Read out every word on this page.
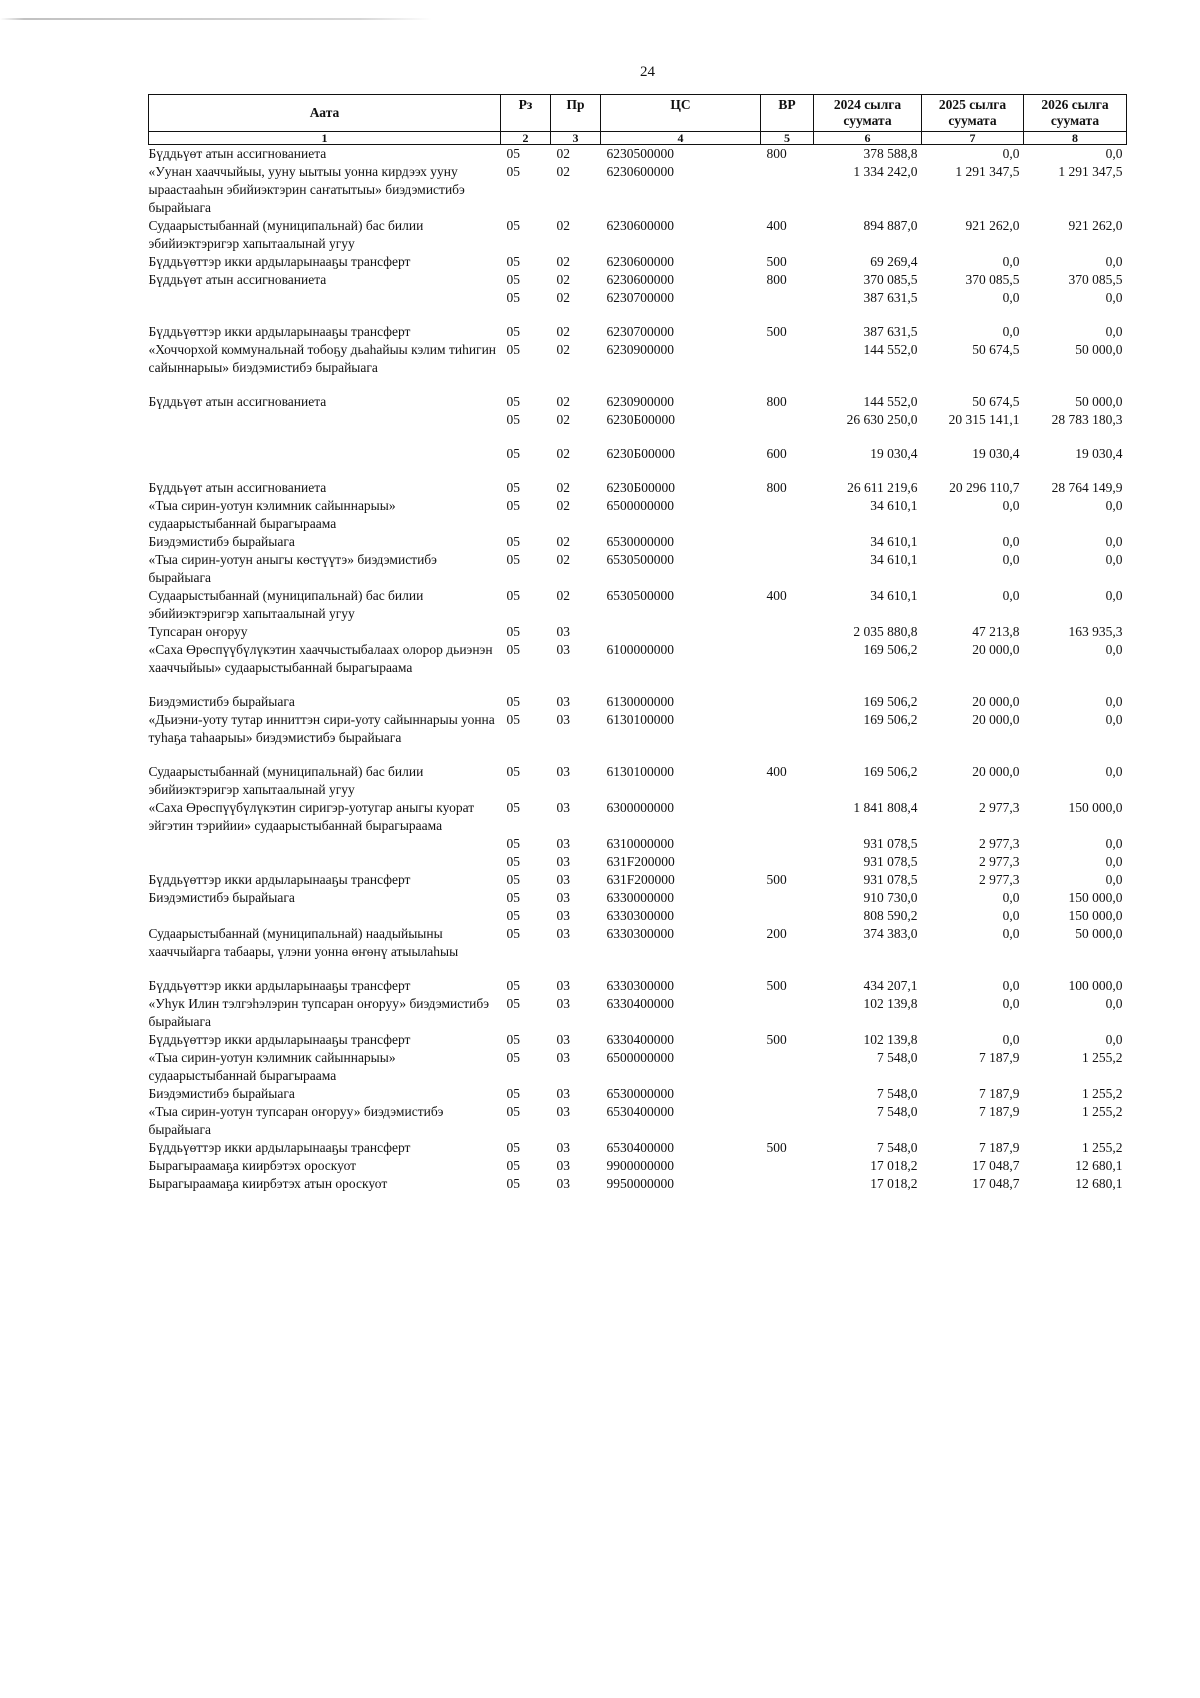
24
Аата	Рз	Пр	ЦС	ВР	2024 сылга суумата	2025 сылга суумата	2026 сылга суумата
1	2	3	4	5	6	7	8
Бүддьүөт атын ассигнованиета	05	02	6230500000	800	378 588,8	0,0	0,0
«Уунан хааччыйыы, ууну ыытыы уонна кирдээх ууну ыраастааһын эбийиэктэрин саҥатытыы» биэдэмистибэ бырайыага	05	02	6230600000		1 334 242,0	1 291 347,5	1 291 347,5
Судаарыстыбаннай (муниципальнай) бас билии эбийиэктэригэр хапытаалынай угуу	05	02	6230600000	400	894 887,0	921 262,0	921 262,0
Бүддьүөттэр икки ардыларынааҕы трансферт	05	02	6230600000	500	69 269,4	0,0	0,0
Бүддьүөт атын ассигнованиета	05	02	6230600000	800	370 085,5	370 085,5	370 085,5
	05	02	6230700000		387 631,5	0,0	0,0
Бүддьүөттэр икки ардыларынааҕы трансферт	05	02	6230700000	500	387 631,5	0,0	0,0
«Хоччорхой коммунальнай тобоҕу дьаһайыы кэлим тиһигин сайыннарыы» биэдэмистибэ бырайыага	05	02	6230900000		144 552,0	50 674,5	50 000,0
Бүддьүөт атын ассигнованиета	05	02	6230900000	800	144 552,0	50 674,5	50 000,0
	05	02	6230Б00000		26 630 250,0	20 315 141,1	28 783 180,3
	05	02	6230Б00000	600	19 030,4	19 030,4	19 030,4
Бүддьүөт атын ассигнованиета	05	02	6230Б00000	800	26 611 219,6	20 296 110,7	28 764 149,9
«Тыа сирин-уотун кэлимник сайыннарыы» судаарыстыбаннай бырагыраама	05	02	6500000000		34 610,1	0,0	0,0
Биэдэмистибэ бырайыага	05	02	6530000000		34 610,1	0,0	0,0
«Тыа сирин-уотун аныгы көстүүтэ» биэдэмистибэ бырайыага	05	02	6530500000		34 610,1	0,0	0,0
Судаарыстыбаннай (муниципальнай) бас билии эбийиэктэригэр хапытаалынай угуу	05	02	6530500000	400	34 610,1	0,0	0,0
Тупсаран оҥоруу	05	03			2 035 880,8	47 213,8	163 935,3
«Саха Өрөспүүбүлүкэтин хааччыстыбалаах олорор дьиэнэн хааччыйыы» судаарыстыбаннай бырагыраама	05	03	6100000000		169 506,2	20 000,0	0,0
Биэдэмистибэ бырайыага	05	03	6130000000		169 506,2	20 000,0	0,0
«Дьиэни-уоту тутар инниттэн сири-уоту сайыннарыы уонна туһаҕа таһаарыы» биэдэмистибэ бырайыага	05	03	6130100000		169 506,2	20 000,0	0,0
Судаарыстыбаннай (муниципальнай) бас билии эбийиэктэригэр хапытаалынай угуу	05	03	6130100000	400	169 506,2	20 000,0	0,0
«Саха Өрөспүүбүлүкэтин сиригэр-уотугар аныгы куорат эйгэтин тэрийии» судаарыстыбаннай бырагыраама	05	03	6300000000		1 841 808,4	2 977,3	150 000,0
	05	03	6310000000		931 078,5	2 977,3	0,0
	05	03	631F200000		931 078,5	2 977,3	0,0
Бүддьүөттэр икки ардыларынааҕы трансферт	05	03	631F200000	500	931 078,5	2 977,3	0,0
Биэдэмистибэ бырайыага	05	03	6330000000		910 730,0	0,0	150 000,0
	05	03	6330300000		808 590,2	0,0	150 000,0
Судаарыстыбаннай (муниципальнай) наадыйыыны хааччыйарга табаары, үлэни уонна өҥөнү атыылаһыы	05	03	6330300000	200	374 383,0	0,0	50 000,0
Бүддьүөттэр икки ардыларынааҕы трансферт	05	03	6330300000	500	434 207,1	0,0	100 000,0
«Уһук Илин тэлгэһэлэрин тупсаран оҥоруу» биэдэмистибэ бырайыага	05	03	6330400000		102 139,8	0,0	0,0
Бүддьүөттэр икки ардыларынааҕы трансферт	05	03	6330400000	500	102 139,8	0,0	0,0
«Тыа сирин-уотун кэлимник сайыннарыы» судаарыстыбаннай бырагыраама	05	03	6500000000		7 548,0	7 187,9	1 255,2
Биэдэмистибэ бырайыага	05	03	6530000000		7 548,0	7 187,9	1 255,2
«Тыа сирин-уотун тупсаран оҥоруу» биэдэмистибэ бырайыага	05	03	6530400000		7 548,0	7 187,9	1 255,2
Бүддьүөттэр икки ардыларынааҕы трансферт	05	03	6530400000	500	7 548,0	7 187,9	1 255,2
Бырагыраамаҕа киирбэтэх ороскуот	05	03	9900000000		17 018,2	17 048,7	12 680,1
Бырагыраамаҕа киирбэтэх атын ороскуот	05	03	9950000000		17 018,2	17 048,7	12 680,1
